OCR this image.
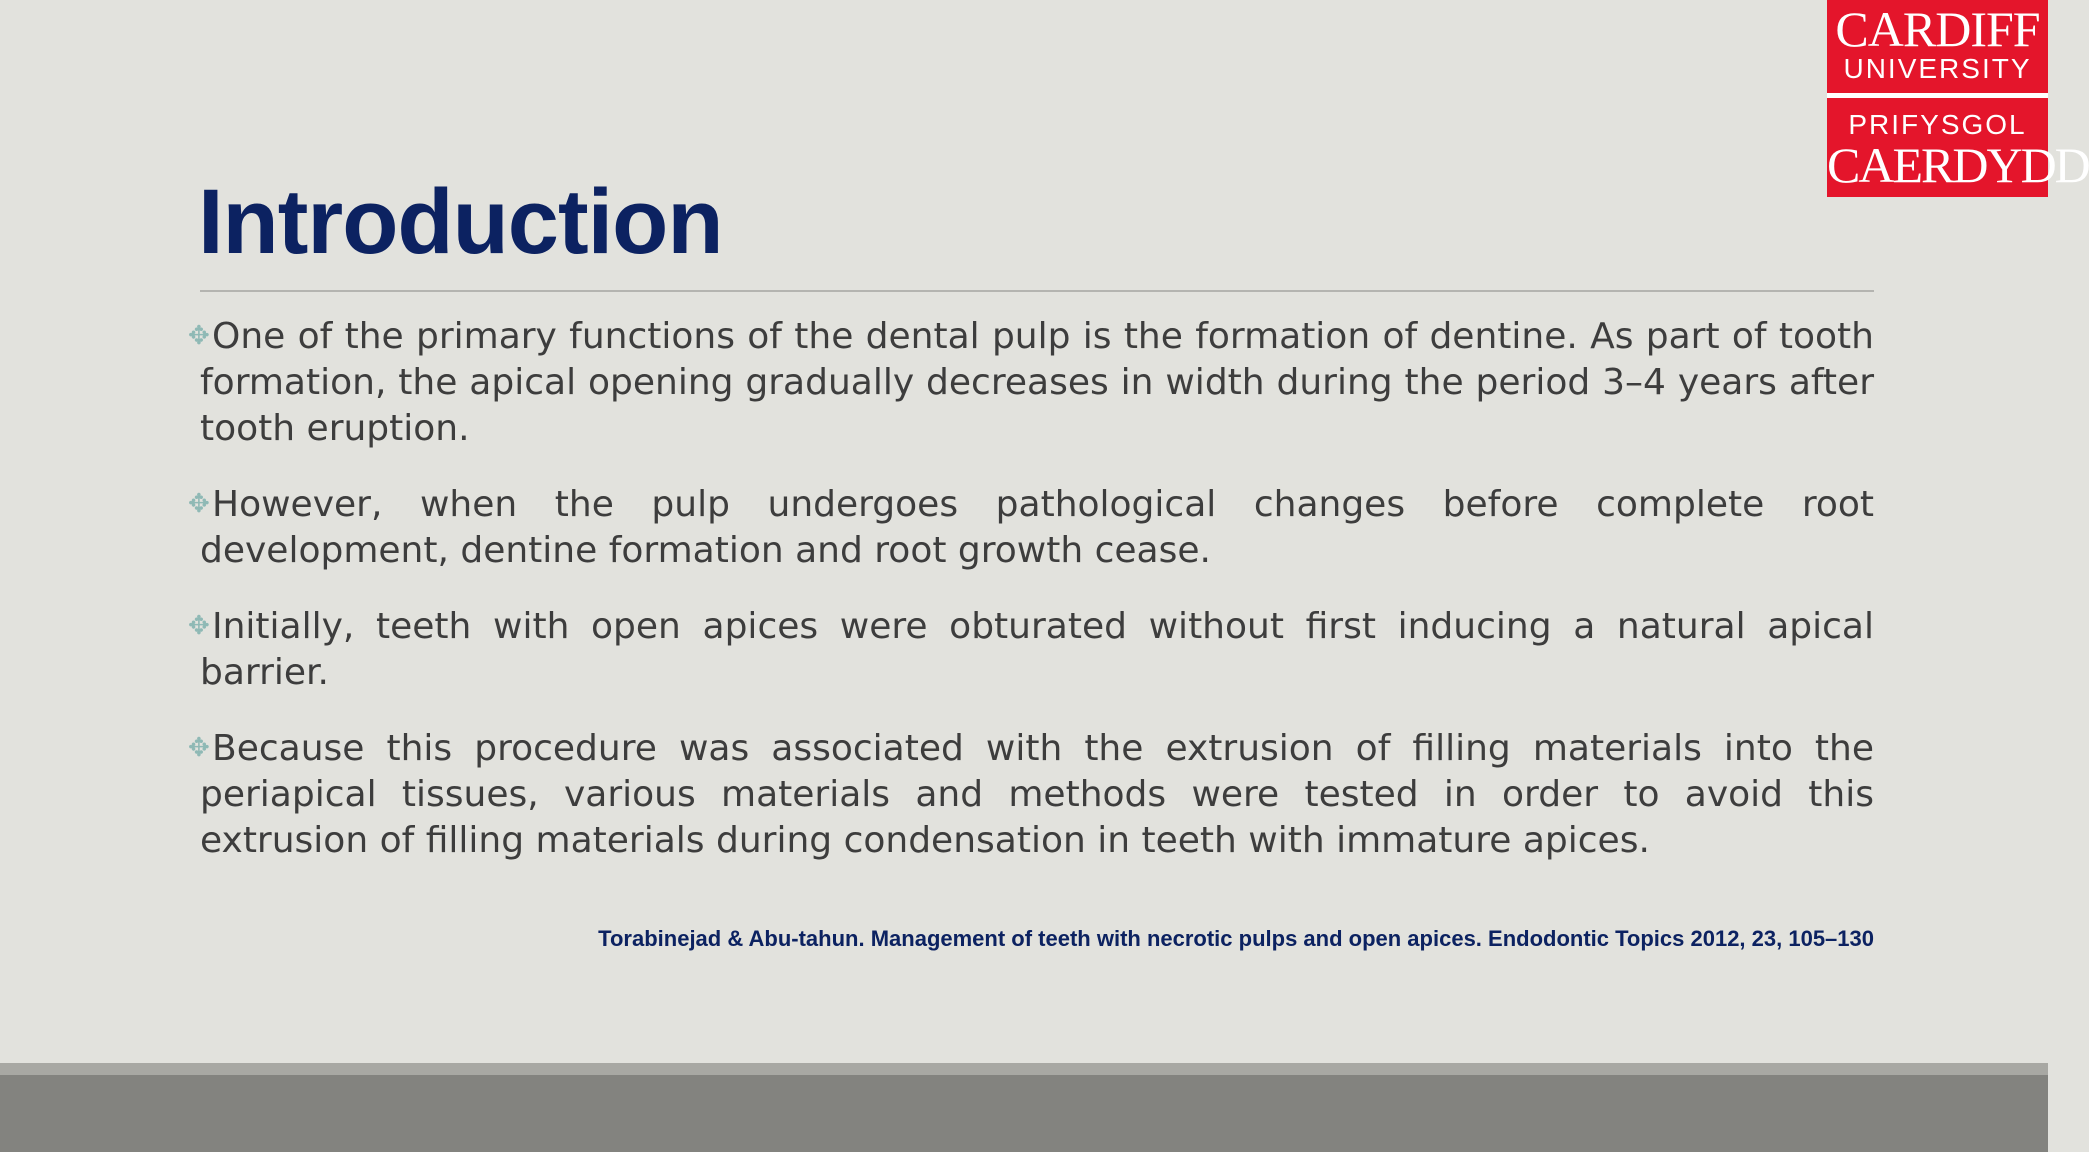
CARDIFF
UNIVERSITY
PRIFYSGOL
CAERDYDD
Introduction
✥One of the primary functions of the dental pulp is the formation of dentine. As part of tooth formation, the apical opening gradually decreases in width during the period 3–4 years after tooth eruption.
✥However, when the pulp undergoes pathological changes before complete root development, dentine formation and root growth cease.
✥Initially, teeth with open apices were obturated without first inducing a natural apical barrier.
✥Because this procedure was associated with the extrusion of filling materials into the periapical tissues, various materials and methods were tested in order to avoid this extrusion of filling materials during condensation in teeth with immature apices.
Torabinejad & Abu-tahun. Management of teeth with necrotic pulps and open apices. Endodontic Topics 2012, 23, 105–130
